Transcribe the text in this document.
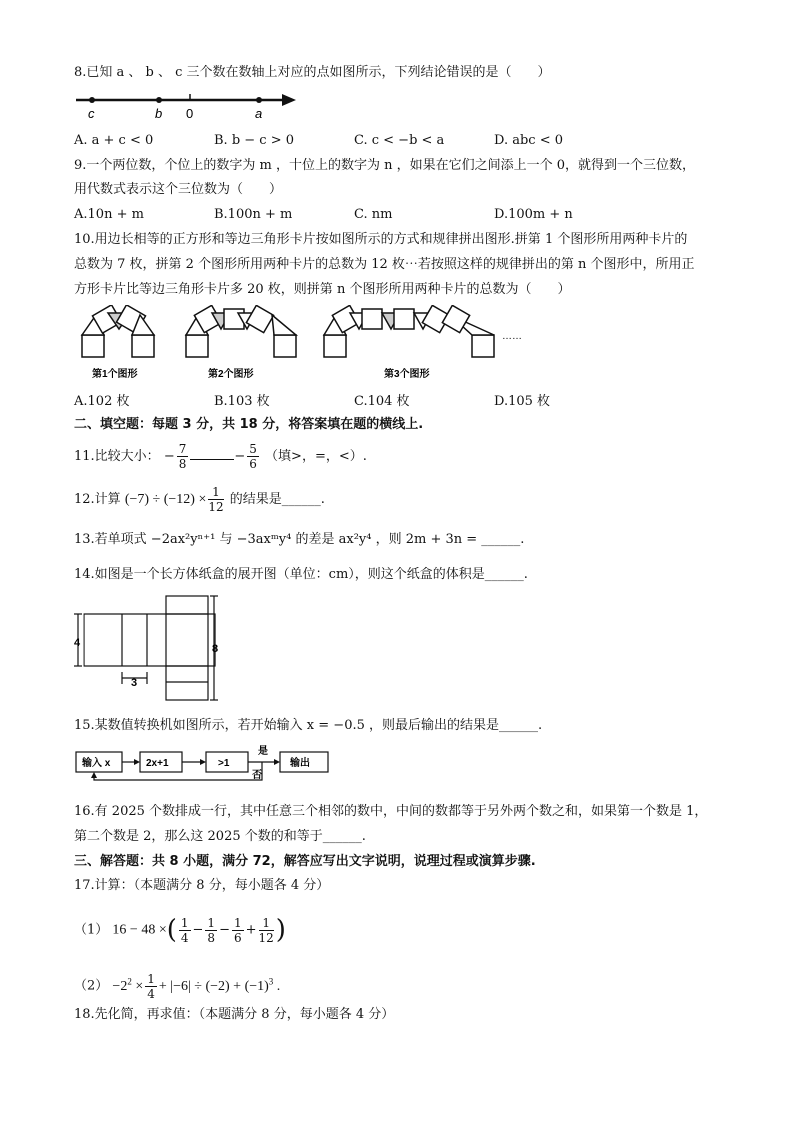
8.已知 a 、 b 、 c 三个数在数轴上对应的点如图所示，下列结论错误的是（　　）
c	b 0	a
A. a + c < 0	B. b − c > 0	C. c < −b < a	D. abc < 0
9.一个两位数，个位上的数字为 m ，十位上的数字为 n ，如果在它们之间添上一个 0，就得到一个三位数，
用代数式表示这个三位数为（　　）
A.10n + m	B.100n + m	C. nm	D.100m + n
10.用边长相等的正方形和等边三角形卡片按如图所示的方式和规律拼出图形.拼第 1 个图形所用两种卡片的
总数为 7 枚，拼第 2 个图形所用两种卡片的总数为 12 枚⋯若按照这样的规律拼出的第 n 个图形中，所用正
方形卡片比等边三角形卡片多 20 枚，则拼第 n 个图形所用两种卡片的总数为（　　）
……
第1个图形	第2个图形	第3个图形
A.102 枚	B.103 枚	C.104 枚	D.105 枚
二、填空题：每题 3 分，共 18 分，将答案填在题的横线上.
11.比较大小： − $\frac{7}{8}$	− $\frac{5}{6}$ （填>，=，<）.
12.计算 $(-7) \div (-12) \times \frac{1}{12}$ 的结果是______.
13.若单项式 −2ax²yⁿ⁺¹ 与 −3axᵐy⁴ 的差是 ax²y⁴ ，则 2m + 3n = ______.
14.如图是一个长方体纸盒的展开图（单位：cm），则这个纸盒的体积是______.
4
3
8
15.某数值转换机如图所示，若开始输入 x = −0.5 ，则最后输出的结果是______.
输入 x	2x+1	>1	输出
是
否
16.有 2025 个数排成一行，其中任意三个相邻的数中，中间的数都等于另外两个数之和，如果第一个数是 1，
第二个数是 2，那么这 2025 个数的和等于______.
三、解答题：共 8 小题，满分 72，解答应写出文字说明，说理过程或演算步骤.
17.计算：（本题满分 8 分，每小题各 4 分）
（1） 16 − 48 ×( $\frac{1}{4} - \frac{1}{8} - \frac{1}{6} + \frac{1}{12}$ )
$(2) -2^2 \times \frac{1}{4} + |-6| \div (-2) + (-1)^3$ .
18.先化简，再求值：（本题满分 8 分，每小题各 4 分）
